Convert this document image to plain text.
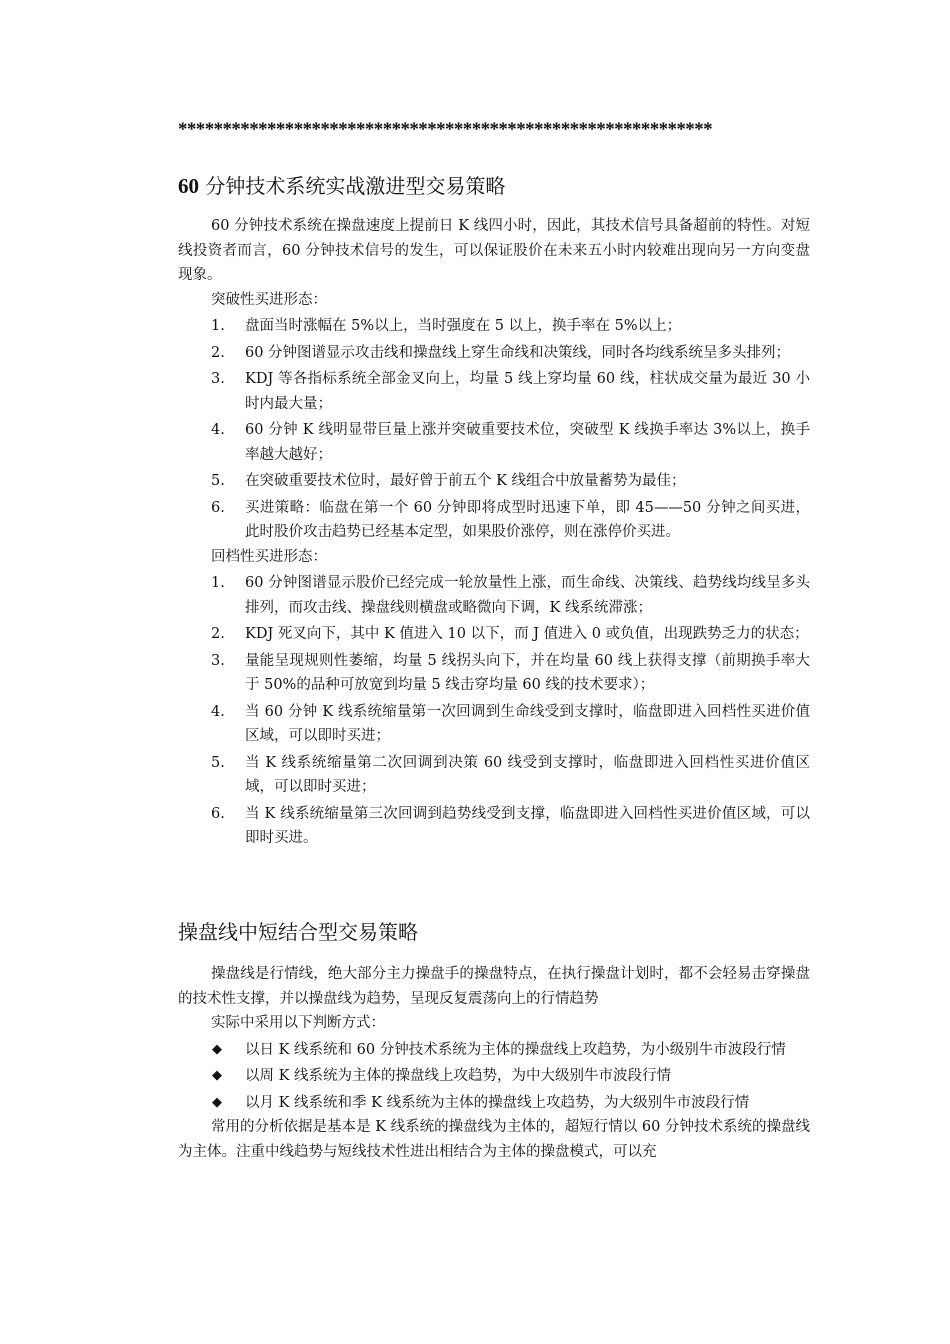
************************************************************
60 分钟技术系统实战激进型交易策略
60 分钟技术系统在操盘速度上提前日 K 线四小时，因此，其技术信号具备超前的特性。对短线投资者而言，60 分钟技术信号的发生，可以保证股价在未来五小时内较难出现向另一方向变盘现象。
突破性买进形态：
1. 盘面当时涨幅在 5%以上，当时强度在 5 以上，换手率在 5%以上；
2. 60 分钟图谱显示攻击线和操盘线上穿生命线和决策线，同时各均线系统呈多头排列；
3. KDJ 等各指标系统全部金叉向上，均量 5 线上穿均量 60 线，柱状成交量为最近 30 小时内最大量；
4. 60 分钟 K 线明显带巨量上涨并突破重要技术位，突破型 K 线换手率达 3%以上，换手率越大越好；
5. 在突破重要技术位时，最好曾于前五个 K 线组合中放量蓄势为最佳；
6. 买进策略：临盘在第一个 60 分钟即将成型时迅速下单，即 45——50 分钟之间买进，此时股价攻击趋势已经基本定型，如果股价涨停，则在涨停价买进。
回档性买进形态：
1. 60 分钟图谱显示股价已经完成一轮放量性上涨，而生命线、决策线、趋势线均线呈多头排列，而攻击线、操盘线则横盘或略微向下调，K 线系统滞涨；
2. KDJ 死叉向下，其中 K 值进入 10 以下，而 J 值进入 0 或负值，出现跌势乏力的状态；
3. 量能呈现规则性萎缩，均量 5 线拐头向下，并在均量 60 线上获得支撑（前期换手率大于 50%的品种可放宽到均量 5 线击穿均量 60 线的技术要求）；
4. 当 60 分钟 K 线系统缩量第一次回调到生命线受到支撑时，临盘即进入回档性买进价值区域，可以即时买进；
5. 当 K 线系统缩量第二次回调到决策 60 线受到支撑时，临盘即进入回档性买进价值区域，可以即时买进；
6. 当 K 线系统缩量第三次回调到趋势线受到支撑，临盘即进入回档性买进价值区域，可以即时买进。
操盘线中短结合型交易策略
操盘线是行情线，绝大部分主力操盘手的操盘特点，在执行操盘计划时，都不会轻易击穿操盘的技术性支撑，并以操盘线为趋势，呈现反复震荡向上的行情趋势
实际中采用以下判断方式：
◆ 以日 K 线系统和 60 分钟技术系统为主体的操盘线上攻趋势，为小级别牛市波段行情
◆ 以周 K 线系统为主体的操盘线上攻趋势，为中大级别牛市波段行情
◆ 以月 K 线系统和季 K 线系统为主体的操盘线上攻趋势，为大级别牛市波段行情
常用的分析依据是基本是 K 线系统的操盘线为主体的，超短行情以 60 分钟技术系统的操盘线为主体。注重中线趋势与短线技术性进出相结合为主体的操盘模式，可以充
